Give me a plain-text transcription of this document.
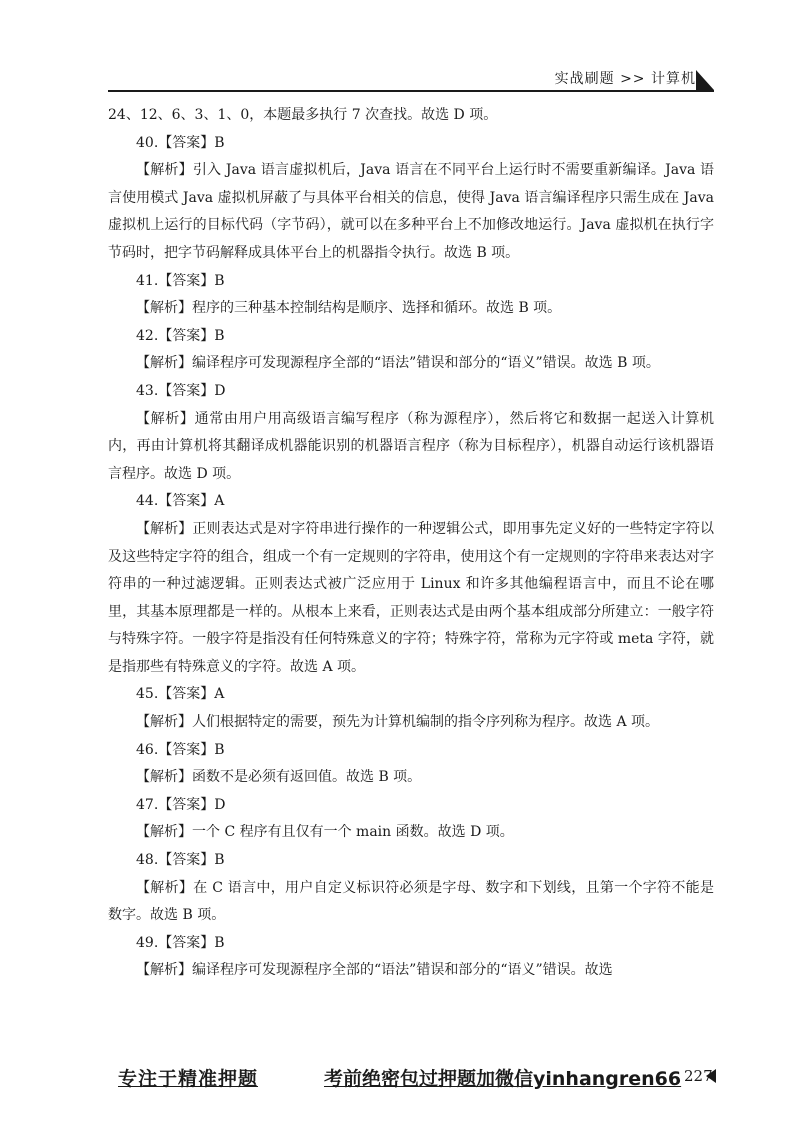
实战刷题 >> 计算机

24、12、6、3、1、0，本题最多执行 7 次查找。故选 D 项。

40.【答案】B

【解析】引入 Java 语言虚拟机后，Java 语言在不同平台上运行时不需要重新编译。Java 语言使用模式 Java 虚拟机屏蔽了与具体平台相关的信息，使得 Java 语言编译程序只需生成在 Java 虚拟机上运行的目标代码（字节码），就可以在多种平台上不加修改地运行。Java 虚拟机在执行字节码时，把字节码解释成具体平台上的机器指令执行。故选 B 项。

41.【答案】B

【解析】程序的三种基本控制结构是顺序、选择和循环。故选 B 项。

42.【答案】B

【解析】编译程序可发现源程序全部的“语法”错误和部分的“语义”错误。故选 B 项。

43.【答案】D

【解析】通常由用户用高级语言编写程序（称为源程序），然后将它和数据一起送入计算机内，再由计算机将其翻译成机器能识别的机器语言程序（称为目标程序），机器自动运行该机器语言程序。故选 D 项。

44.【答案】A

【解析】正则表达式是对字符串进行操作的一种逻辑公式，即用事先定义好的一些特定字符以及这些特定字符的组合，组成一个有一定规则的字符串，使用这个有一定规则的字符串来表达对字符串的一种过滤逻辑。正则表达式被广泛应用于 Linux 和许多其他编程语言中，而且不论在哪里，其基本原理都是一样的。从根本上来看，正则表达式是由两个基本组成部分所建立：一般字符与特殊字符。一般字符是指没有任何特殊意义的字符；特殊字符，常称为元字符或 meta 字符，就是指那些有特殊意义的字符。故选 A 项。

45.【答案】A

【解析】人们根据特定的需要，预先为计算机编制的指令序列称为程序。故选 A 项。

46.【答案】B

【解析】函数不是必须有返回值。故选 B 项。

47.【答案】D

【解析】一个 C 程序有且仅有一个 main 函数。故选 D 项。

48.【答案】B

【解析】在 C 语言中，用户自定义标识符必须是字母、数字和下划线，且第一个字符不能是数字。故选 B 项。

49.【答案】B

【解析】编译程序可发现源程序全部的“语法”错误和部分的“语义”错误。故选

专注于精准押题	考前绝密包过押题加微信yinhangren66 227
